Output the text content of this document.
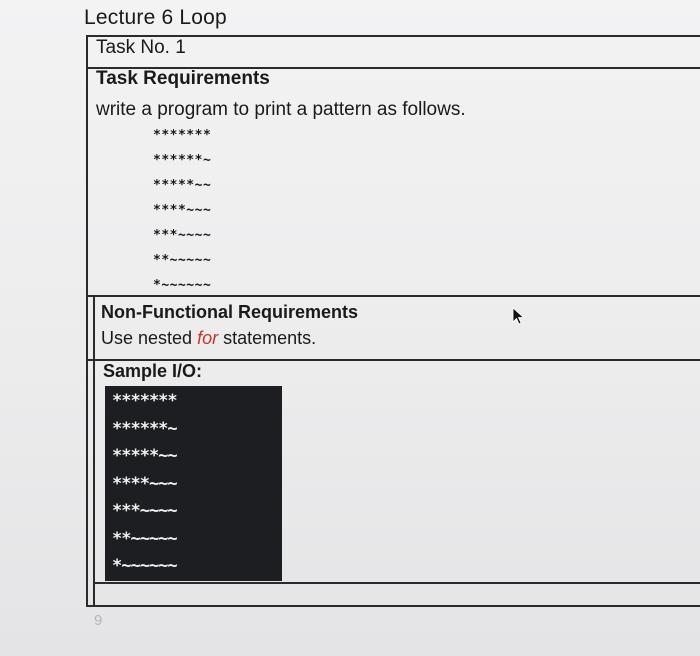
Lecture 6 Loop
Task No. 1
Task Requirements
write a program to print a pattern as follows.
*******
******~
*****~~
****~~~
***~~~~
**~~~~~
*~~~~~~
Non-Functional Requirements
Use nested for statements.
Sample I/O:
*******
******~
*****~~
****~~~
***~~~~
**~~~~~
*~~~~~~
9
